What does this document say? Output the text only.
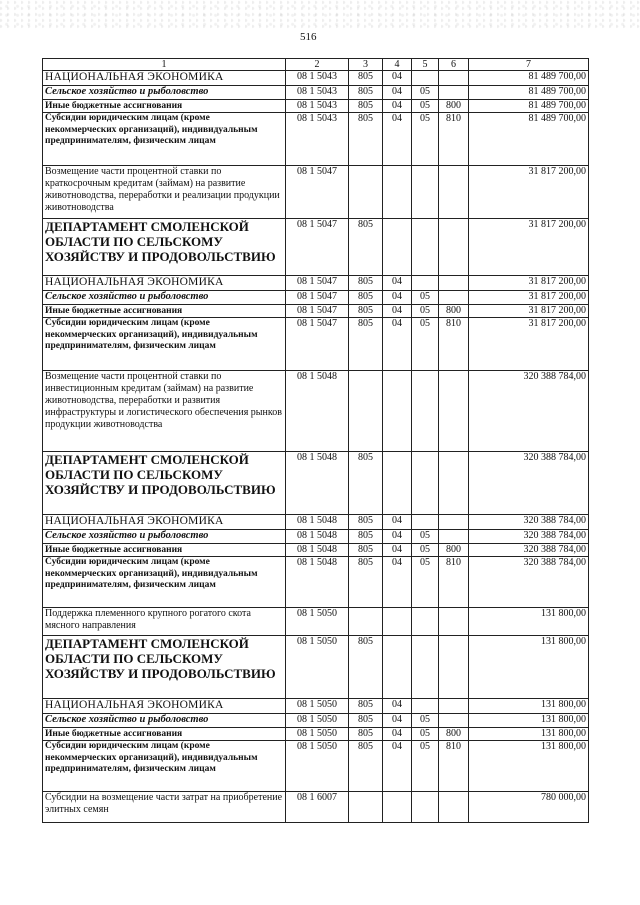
516
1	2	3	4	5	6	7
НАЦИОНАЛЬНАЯ ЭКОНОМИКА	08 1 5043	805	04			81 489 700,00
Сельское хозяйство и рыболовство	08 1 5043	805	04	05		81 489 700,00
Иные бюджетные ассигнования	08 1 5043	805	04	05	800	81 489 700,00
Субсидии юридическим лицам (кроме некоммерческих организаций), индивидуальным предпринимателям, физическим лицам	08 1 5043	805	04	05	810	81 489 700,00
Возмещение части процентной ставки по краткосрочным кредитам (займам) на развитие животноводства, переработки и реализации продукции животноводства	08 1 5047					31 817 200,00
ДЕПАРТАМЕНТ СМОЛЕНСКОЙ ОБЛАСТИ ПО СЕЛЬСКОМУ ХОЗЯЙСТВУ И ПРОДОВОЛЬСТВИЮ	08 1 5047	805				31 817 200,00
НАЦИОНАЛЬНАЯ ЭКОНОМИКА	08 1 5047	805	04			31 817 200,00
Сельское хозяйство и рыболовство	08 1 5047	805	04	05		31 817 200,00
Иные бюджетные ассигнования	08 1 5047	805	04	05	800	31 817 200,00
Субсидии юридическим лицам (кроме некоммерческих организаций), индивидуальным предпринимателям, физическим лицам	08 1 5047	805	04	05	810	31 817 200,00
Возмещение части процентной ставки по инвестиционным кредитам (займам) на развитие животноводства, переработки и развития инфраструктуры и логистического обеспечения рынков продукции животноводства	08 1 5048					320 388 784,00
ДЕПАРТАМЕНТ СМОЛЕНСКОЙ ОБЛАСТИ ПО СЕЛЬСКОМУ ХОЗЯЙСТВУ И ПРОДОВОЛЬСТВИЮ	08 1 5048	805				320 388 784,00
НАЦИОНАЛЬНАЯ ЭКОНОМИКА	08 1 5048	805	04			320 388 784,00
Сельское хозяйство и рыболовство	08 1 5048	805	04	05		320 388 784,00
Иные бюджетные ассигнования	08 1 5048	805	04	05	800	320 388 784,00
Субсидии юридическим лицам (кроме некоммерческих организаций), индивидуальным предпринимателям, физическим лицам	08 1 5048	805	04	05	810	320 388 784,00
Поддержка племенного крупного рогатого скота мясного направления	08 1 5050					131 800,00
ДЕПАРТАМЕНТ СМОЛЕНСКОЙ ОБЛАСТИ ПО СЕЛЬСКОМУ ХОЗЯЙСТВУ И ПРОДОВОЛЬСТВИЮ	08 1 5050	805				131 800,00
НАЦИОНАЛЬНАЯ ЭКОНОМИКА	08 1 5050	805	04			131 800,00
Сельское хозяйство и рыболовство	08 1 5050	805	04	05		131 800,00
Иные бюджетные ассигнования	08 1 5050	805	04	05	800	131 800,00
Субсидии юридическим лицам (кроме некоммерческих организаций), индивидуальным предпринимателям, физическим лицам	08 1 5050	805	04	05	810	131 800,00
Субсидии на возмещение части затрат на приобретение элитных семян	08 1 6007					780 000,00
